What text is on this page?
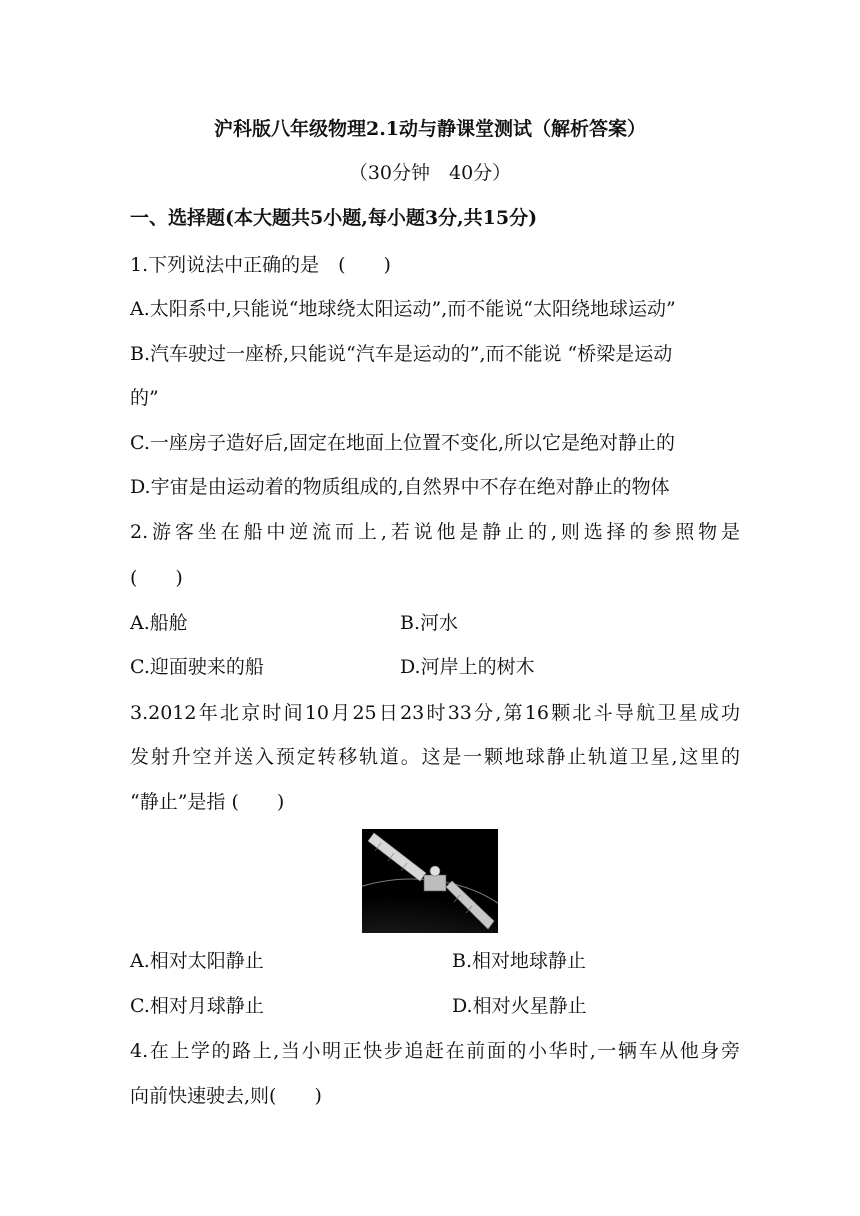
沪科版八年级物理2.1动与静课堂测试（解析答案）
（30分钟　40分）
一、选择题(本大题共5小题,每小题3分,共15分)
1.下列说法中正确的是　(　　)
A.太阳系中,只能说“地球绕太阳运动”,而不能说“太阳绕地球运动”
B.汽车驶过一座桥,只能说“汽车是运动的”,而不能说 “桥梁是运动
的”
C.一座房子造好后,固定在地面上位置不变化,所以它是绝对静止的
D.宇宙是由运动着的物质组成的,自然界中不存在绝对静止的物体
2.游客坐在船中逆流而上,若说他是静止的,则选择的参照物是
(　　)
A.船舱	B.河水
C.迎面驶来的船	D.河岸上的树木
3.2012年北京时间10月25日23时33分,第16颗北斗导航卫星成功
发射升空并送入预定转移轨道。这是一颗地球静止轨道卫星,这里的
“静止”是指 (　　)
A.相对太阳静止	B.相对地球静止
C.相对月球静止	D.相对火星静止
4.在上学的路上,当小明正快步追赶在前面的小华时,一辆车从他身旁
向前快速驶去,则(　　)
